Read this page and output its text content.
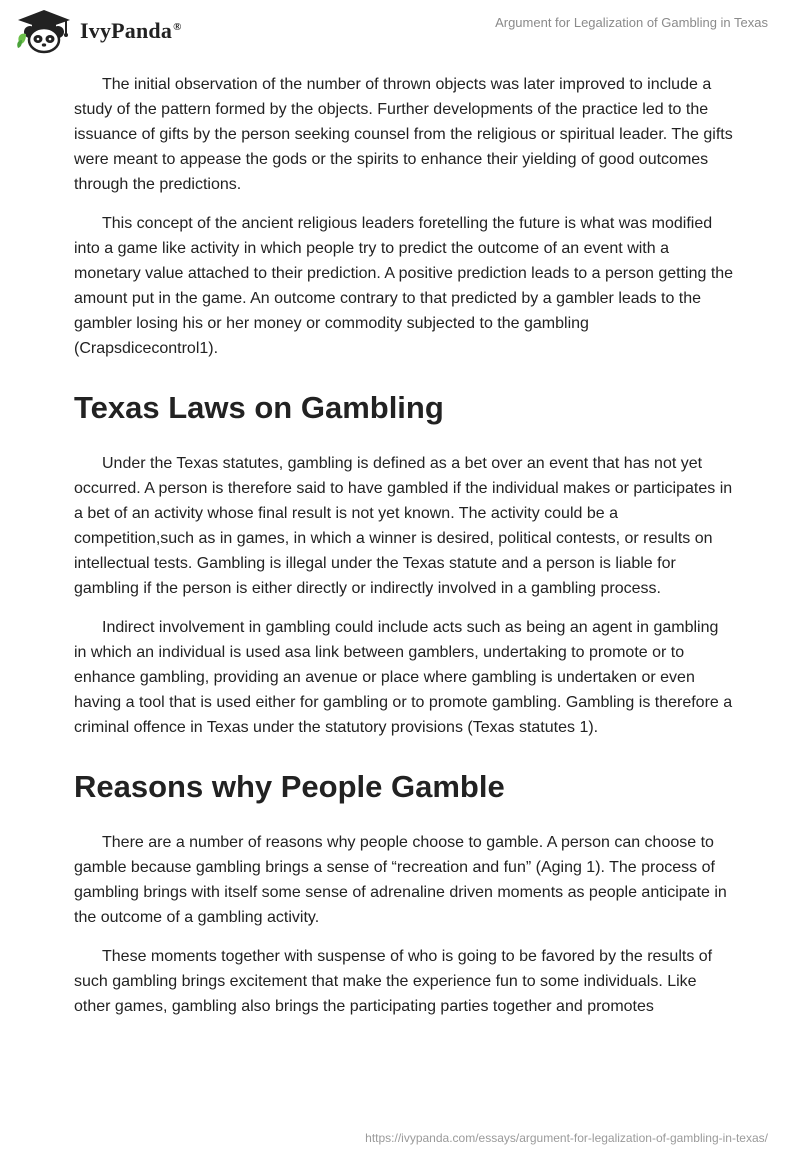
IvyPanda®	Argument for Legalization of Gambling in Texas

The initial observation of the number of thrown objects was later improved to include a study of the pattern formed by the objects. Further developments of the practice led to the issuance of gifts by the person seeking counsel from the religious or spiritual leader. The gifts were meant to appease the gods or the spirits to enhance their yielding of good outcomes through the predictions.

This concept of the ancient religious leaders foretelling the future is what was modified into a game like activity in which people try to predict the outcome of an event with a monetary value attached to their prediction. A positive prediction leads to a person getting the amount put in the game. An outcome contrary to that predicted by a gambler leads to the gambler losing his or her money or commodity subjected to the gambling (Crapsdicecontrol1).

Texas Laws on Gambling

Under the Texas statutes, gambling is defined as a bet over an event that has not yet occurred. A person is therefore said to have gambled if the individual makes or participates in a bet of an activity whose final result is not yet known. The activity could be a competition,such as in games, in which a winner is desired, political contests, or results on intellectual tests. Gambling is illegal under the Texas statute and a person is liable for gambling if the person is either directly or indirectly involved in a gambling process.

Indirect involvement in gambling could include acts such as being an agent in gambling in which an individual is used asa link between gamblers, undertaking to promote or to enhance gambling, providing an avenue or place where gambling is undertaken or even having a tool that is used either for gambling or to promote gambling. Gambling is therefore a criminal offence in Texas under the statutory provisions (Texas statutes 1).

Reasons why People Gamble

There are a number of reasons why people choose to gamble. A person can choose to gamble because gambling brings a sense of “recreation and fun” (Aging 1). The process of gambling brings with itself some sense of adrenaline driven moments as people anticipate in the outcome of a gambling activity.

These moments together with suspense of who is going to be favored by the results of such gambling brings excitement that make the experience fun to some individuals. Like other games, gambling also brings the participating parties together and promotes

https://ivypanda.com/essays/argument-for-legalization-of-gambling-in-texas/
